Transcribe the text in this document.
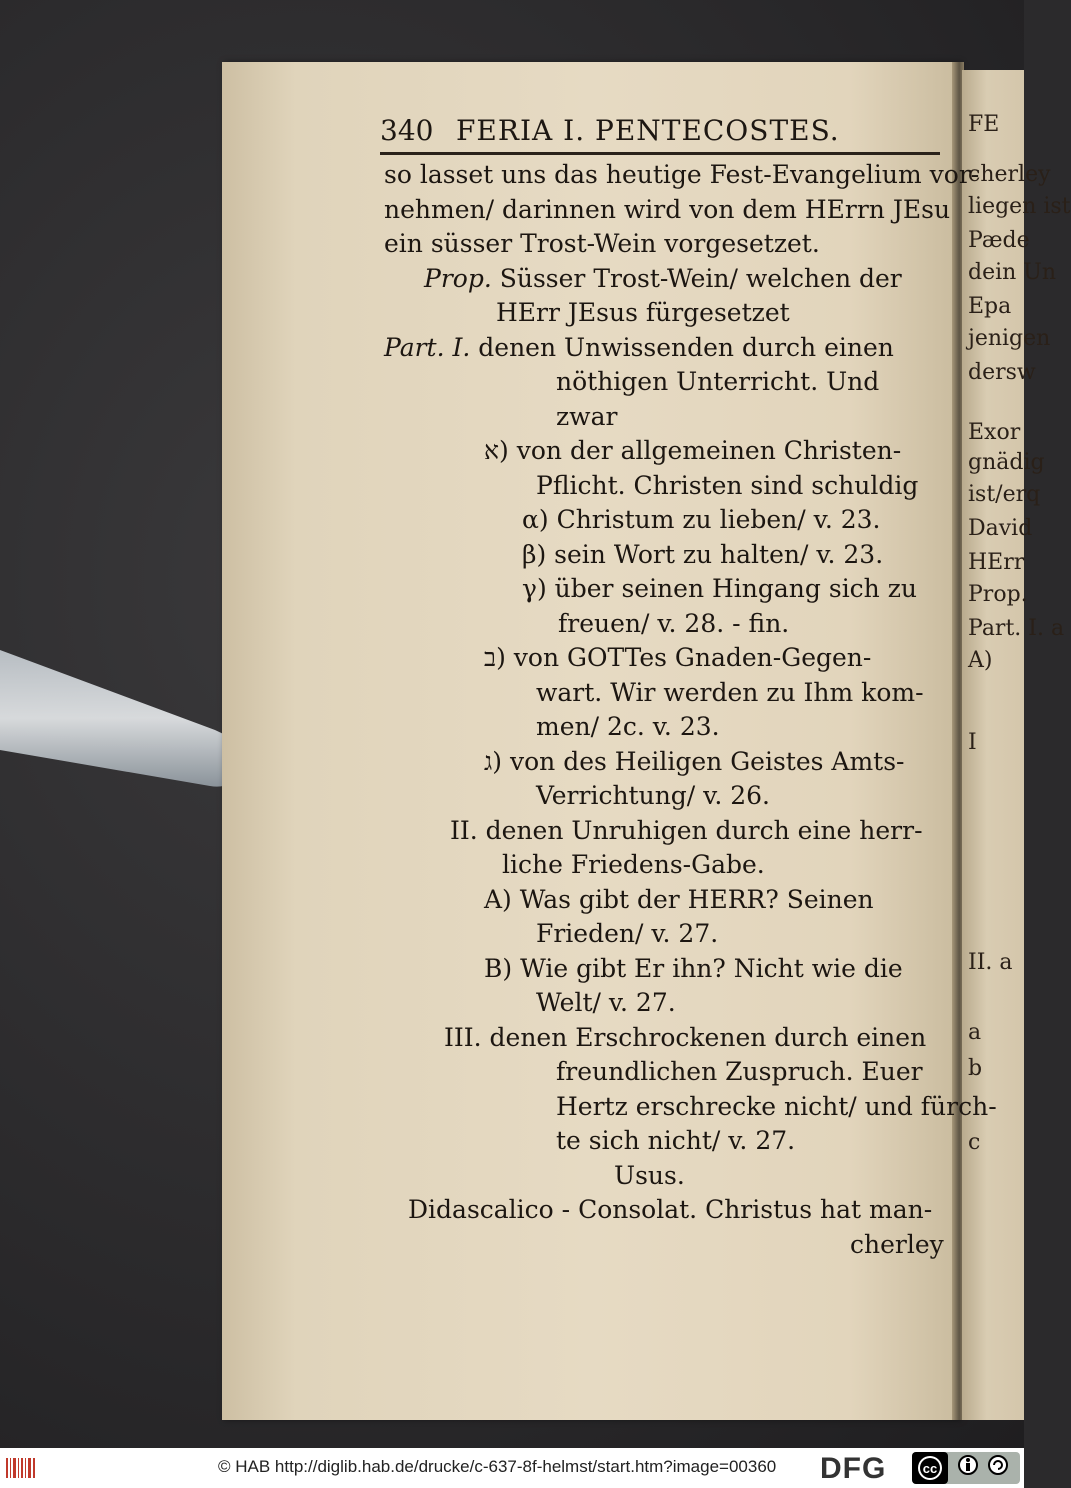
FE
cherley
liegen ist
Pæde
dein Un
Epa
jenigen
dersw
Exor
gnädig
ist/erq
David
HErr
Prop.
Part. I. a
A)
I
II. a
a
b
c
340 FERIA I. PENTECOSTES.
so lasset uns das heutige Fest-Evangelium vor-
nehmen/ darinnen wird von dem HErrn JEsu
ein süsser Trost-Wein vorgesetzet.
Prop. Süsser Trost-Wein/ welchen der
HErr JEsus fürgesetzet
Part. I. denen Unwissenden durch einen
nöthigen Unterricht. Und
zwar
א) von der allgemeinen Christen-
Pflicht. Christen sind schuldig
α) Christum zu lieben/ v. 23.
β) sein Wort zu halten/ v. 23.
γ) über seinen Hingang sich zu
freuen/ v. 28. - fin.
ב) von GOTTes Gnaden-Gegen-
wart. Wir werden zu Ihm kom-
men/ 2c. v. 23.
ג) von des Heiligen Geistes Amts-
Verrichtung/ v. 26.
II. denen Unruhigen durch eine herr-
liche Friedens-Gabe.
A) Was gibt der HERR? Seinen
Frieden/ v. 27.
B) Wie gibt Er ihn? Nicht wie die
Welt/ v. 27.
III. denen Erschrockenen durch einen
freundlichen Zuspruch. Euer
Hertz erschrecke nicht/ und fürch-
te sich nicht/ v. 27.
Usus.
Didascalico - Consolat. Christus hat man-
cherley
© HAB http://diglib.hab.de/drucke/c-637-8f-helmst/start.htm?image=00360 DFG	cc
